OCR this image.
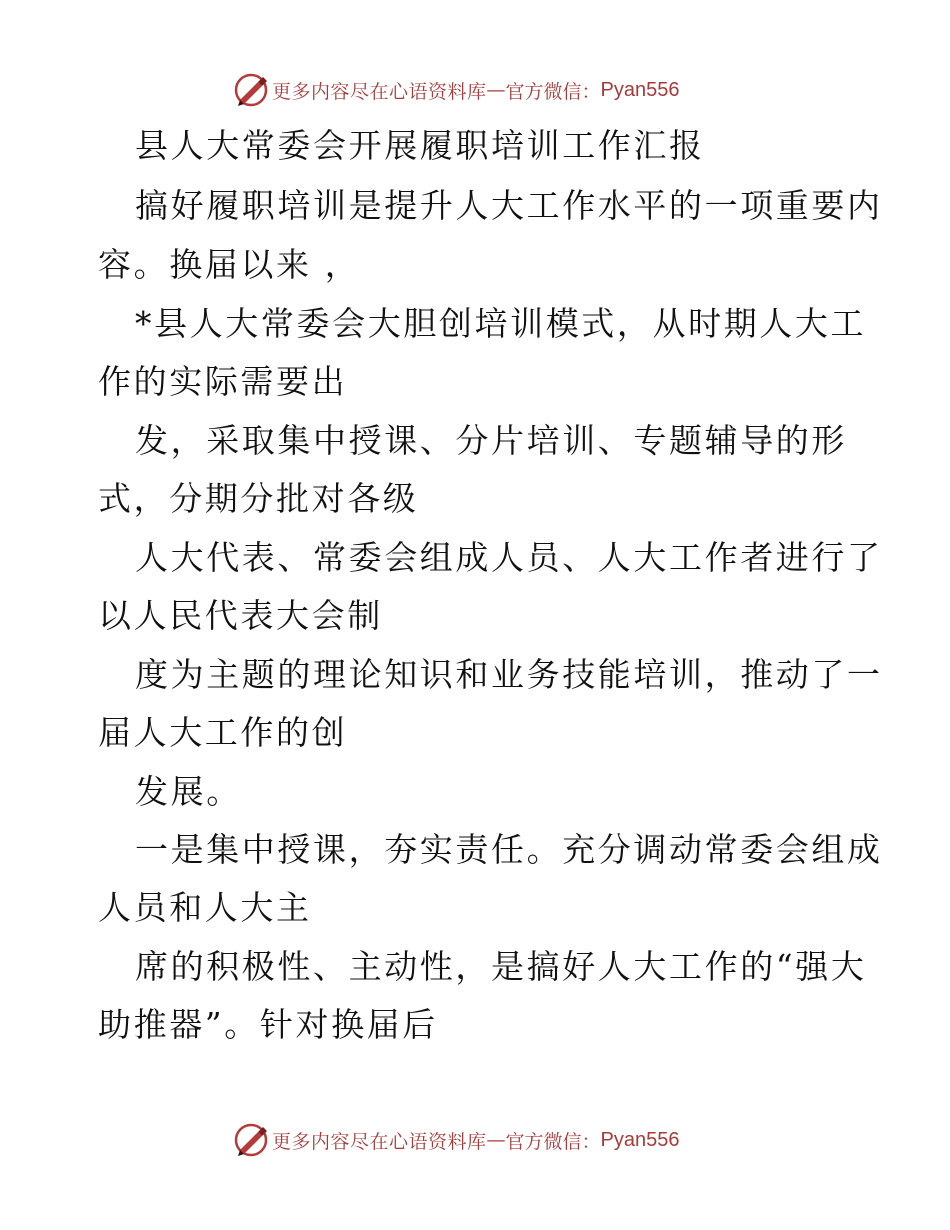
更多内容尽在心语资料库 — 官方微信： Pyan556
县人大常委会开展履职培训工作汇报
搞好履职培训是提升人大工作水平的一项重要内
容。换届以来 ，
*县人大常委会大胆创培训模式，从时期人大工
作的实际需要出
发，采取集中授课、分片培训、专题辅导的形
式，分期分批对各级
人大代表、常委会组成人员、人大工作者进行了
以人民代表大会制
度为主题的理论知识和业务技能培训，推动了一
届人大工作的创
发展。
一是集中授课，夯实责任。充分调动常委会组成
人员和人大主
席的积极性、主动性，是搞好人大工作的“强大
助推器”。针对换届后
更多内容尽在心语资料库 — 官方微信： Pyan556
